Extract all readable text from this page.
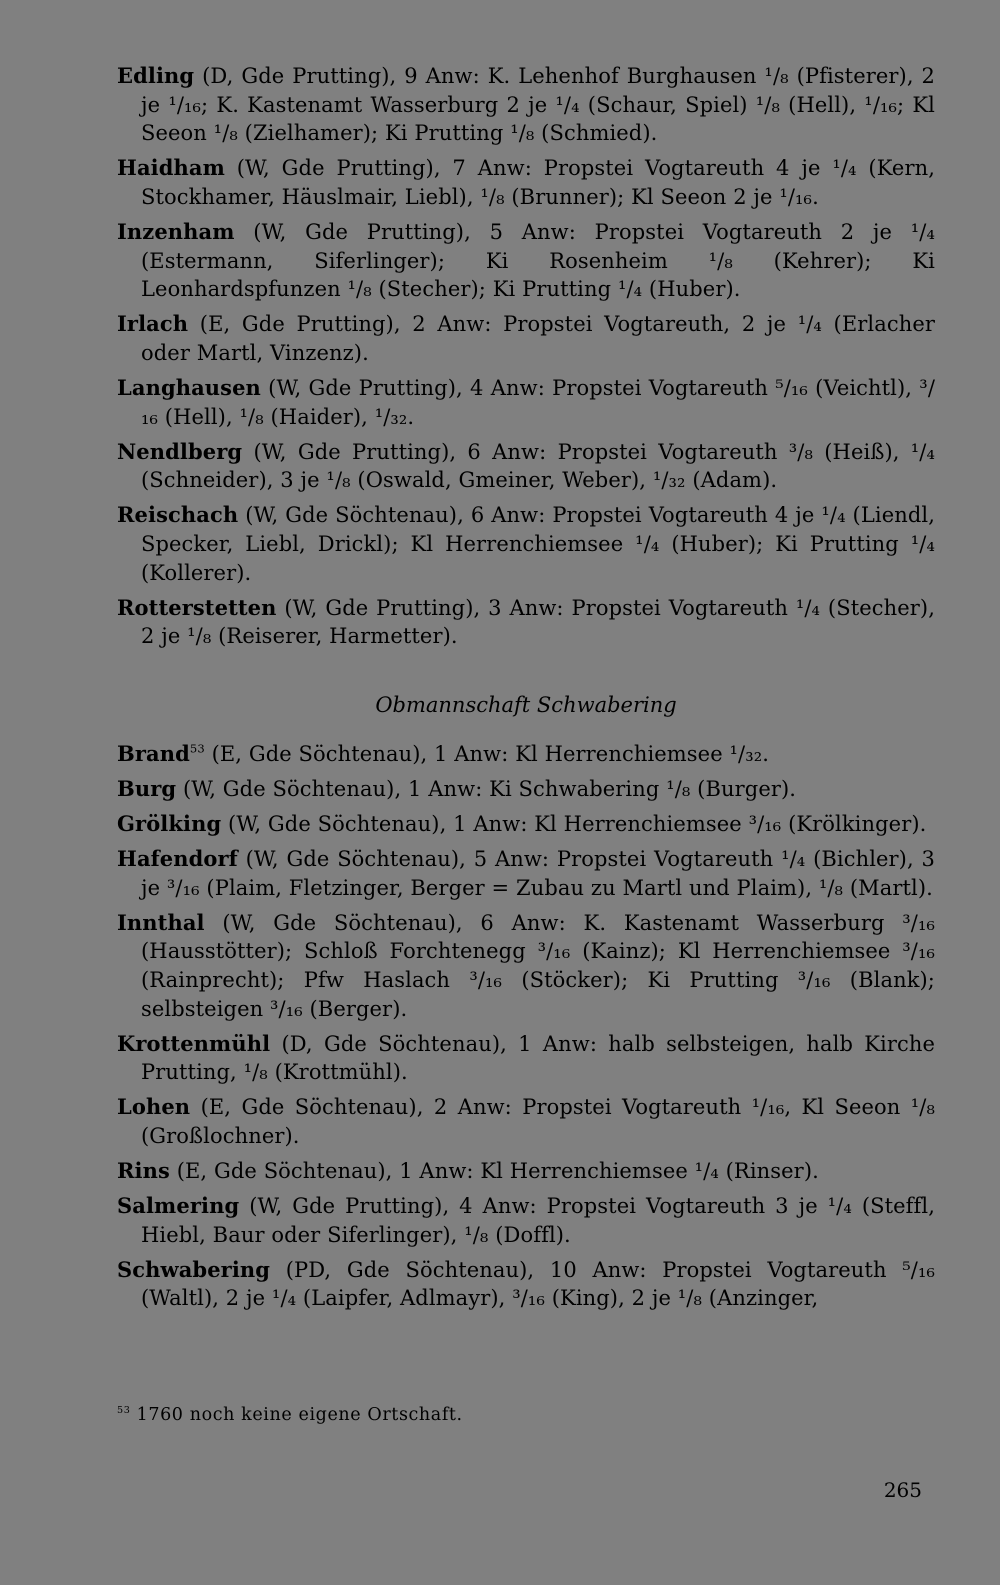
Edling (D, Gde Prutting), 9 Anw: K. Lehenhof Burghausen ¹/₈ (Pfisterer), 2 je ¹/₁₆; K. Kastenamt Wasserburg 2 je ¹/₄ (Schaur, Spiel) ¹/₈ (Hell), ¹/₁₆; Kl Seeon ¹/₈ (Zielhamer); Ki Prutting ¹/₈ (Schmied).
Haidham (W, Gde Prutting), 7 Anw: Propstei Vogtareuth 4 je ¹/₄ (Kern, Stockhamer, Häuslmair, Liebl), ¹/₈ (Brunner); Kl Seeon 2 je ¹/₁₆.
Inzenham (W, Gde Prutting), 5 Anw: Propstei Vogtareuth 2 je ¹/₄ (Estermann, Siferlinger); Ki Rosenheim ¹/₈ (Kehrer); Ki Leonhardspfunzen ¹/₈ (Stecher); Ki Prutting ¹/₄ (Huber).
Irlach (E, Gde Prutting), 2 Anw: Propstei Vogtareuth, 2 je ¹/₄ (Erlacher oder Martl, Vinzenz).
Langhausen (W, Gde Prutting), 4 Anw: Propstei Vogtareuth ⁵/₁₆ (Veichtl), ³/₁₆ (Hell), ¹/₈ (Haider), ¹/₃₂.
Nendlberg (W, Gde Prutting), 6 Anw: Propstei Vogtareuth ³/₈ (Heiß), ¹/₄ (Schneider), 3 je ¹/₈ (Oswald, Gmeiner, Weber), ¹/₃₂ (Adam).
Reischach (W, Gde Söchtenau), 6 Anw: Propstei Vogtareuth 4 je ¹/₄ (Liendl, Specker, Liebl, Drickl); Kl Herrenchiemsee ¹/₄ (Huber); Ki Prutting ¹/₄ (Kollerer).
Rotterstetten (W, Gde Prutting), 3 Anw: Propstei Vogtareuth ¹/₄ (Stecher), 2 je ¹/₈ (Reiserer, Harmetter).
Obmannschaft Schwabering
Brand$^{53}$ (E, Gde Söchtenau), 1 Anw: Kl Herrenchiemsee ¹/₃₂.
Burg (W, Gde Söchtenau), 1 Anw: Ki Schwabering ¹/₈ (Burger).
Grölking (W, Gde Söchtenau), 1 Anw: Kl Herrenchiemsee ³/₁₆ (Krölkinger).
Hafendorf (W, Gde Söchtenau), 5 Anw: Propstei Vogtareuth ¹/₄ (Bichler), 3 je ³/₁₆ (Plaim, Fletzinger, Berger = Zubau zu Martl und Plaim), ¹/₈ (Martl).
Innthal (W, Gde Söchtenau), 6 Anw: K. Kastenamt Wasserburg ³/₁₆ (Hausstötter); Schloß Forchtenegg ³/₁₆ (Kainz); Kl Herrenchiemsee ³/₁₆ (Rainprecht); Pfw Haslach ³/₁₆ (Stöcker); Ki Prutting ³/₁₆ (Blank); selbsteigen ³/₁₆ (Berger).
Krottenmühl (D, Gde Söchtenau), 1 Anw: halb selbsteigen, halb Kirche Prutting, ¹/₈ (Krottmühl).
Lohen (E, Gde Söchtenau), 2 Anw: Propstei Vogtareuth ¹/₁₆, Kl Seeon ¹/₈ (Großlochner).
Rins (E, Gde Söchtenau), 1 Anw: Kl Herrenchiemsee ¹/₄ (Rinser).
Salmering (W, Gde Prutting), 4 Anw: Propstei Vogtareuth 3 je ¹/₄ (Steffl, Hiebl, Baur oder Siferlinger), ¹/₈ (Doffl).
Schwabering (PD, Gde Söchtenau), 10 Anw: Propstei Vogtareuth ⁵/₁₆ (Waltl), 2 je ¹/₄ (Laipfer, Adlmayr), ³/₁₆ (King), 2 je ¹/₈ (Anzinger,
$^{53}$ 1760 noch keine eigene Ortschaft.
265
